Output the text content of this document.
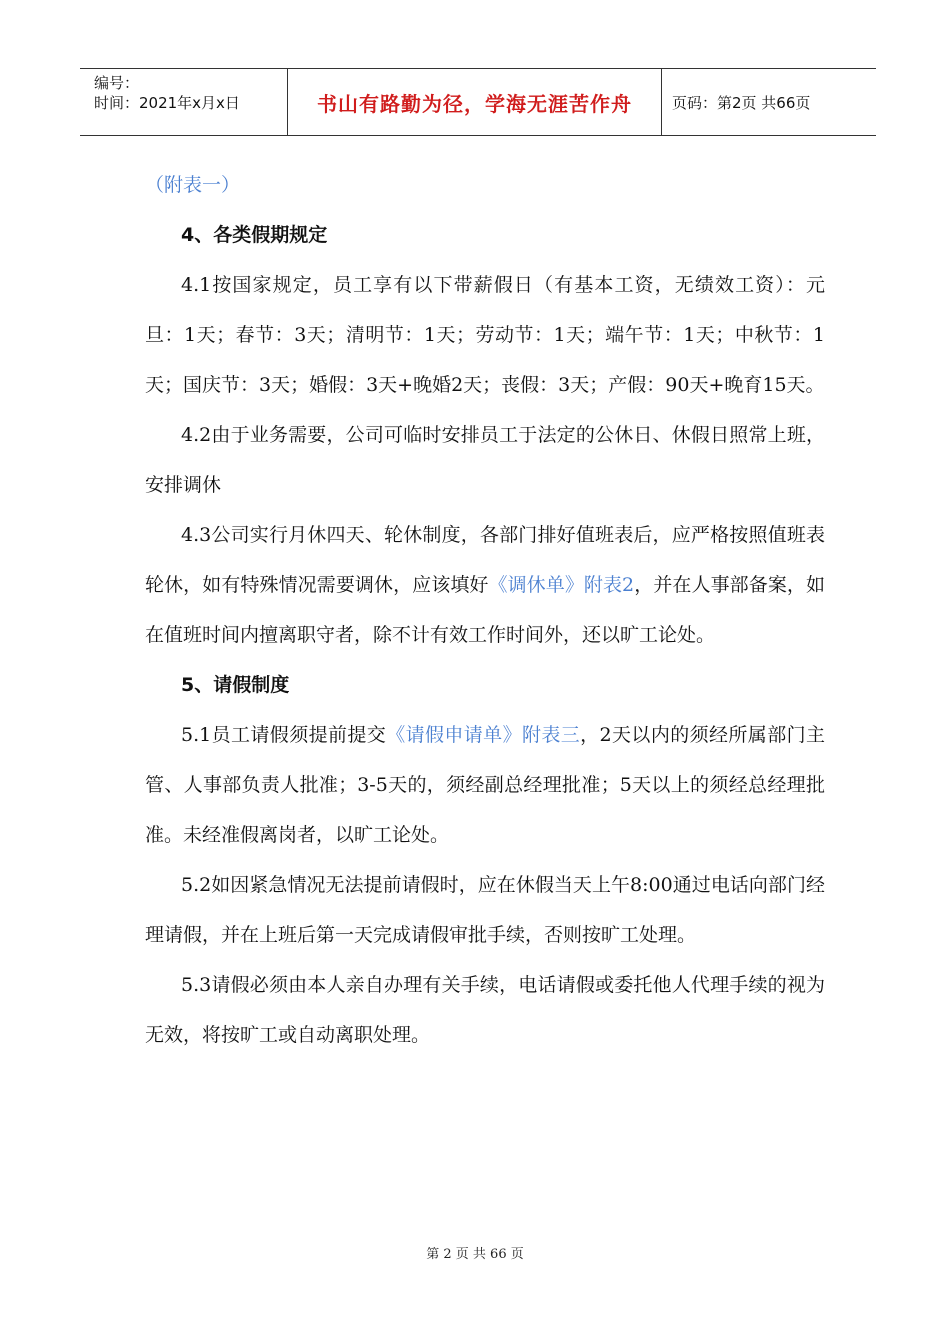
编号：
时间：2021年x月x日	书山有路勤为径，学海无涯苦作舟	页码：第2页 共66页

（附表一）

4、各类假期规定

4.1按国家规定，员工享有以下带薪假日（有基本工资，无绩效工资）：元旦：1天；春节：3天；清明节：1天；劳动节：1天；端午节：1天；中秋节：1天；国庆节：3天；婚假：3天+晚婚2天；丧假：3天；产假：90天+晚育15天。

4.2由于业务需要，公司可临时安排员工于法定的公休日、休假日照常上班，安排调休

4.3公司实行月休四天、轮休制度，各部门排好值班表后，应严格按照值班表轮休，如有特殊情况需要调休，应该填好《调休单》附表2，并在人事部备案，如在值班时间内擅离职守者，除不计有效工作时间外，还以旷工论处。

5、请假制度

5.1员工请假须提前提交《请假申请单》附表三，2天以内的须经所属部门主管、人事部负责人批准；3-5天的，须经副总经理批准；5天以上的须经总经理批准。未经准假离岗者，以旷工论处。

5.2如因紧急情况无法提前请假时，应在休假当天上午8:00通过电话向部门经理请假，并在上班后第一天完成请假审批手续，否则按旷工处理。

5.3请假必须由本人亲自办理有关手续，电话请假或委托他人代理手续的视为无效，将按旷工或自动离职处理。

第 2 页 共 66 页
